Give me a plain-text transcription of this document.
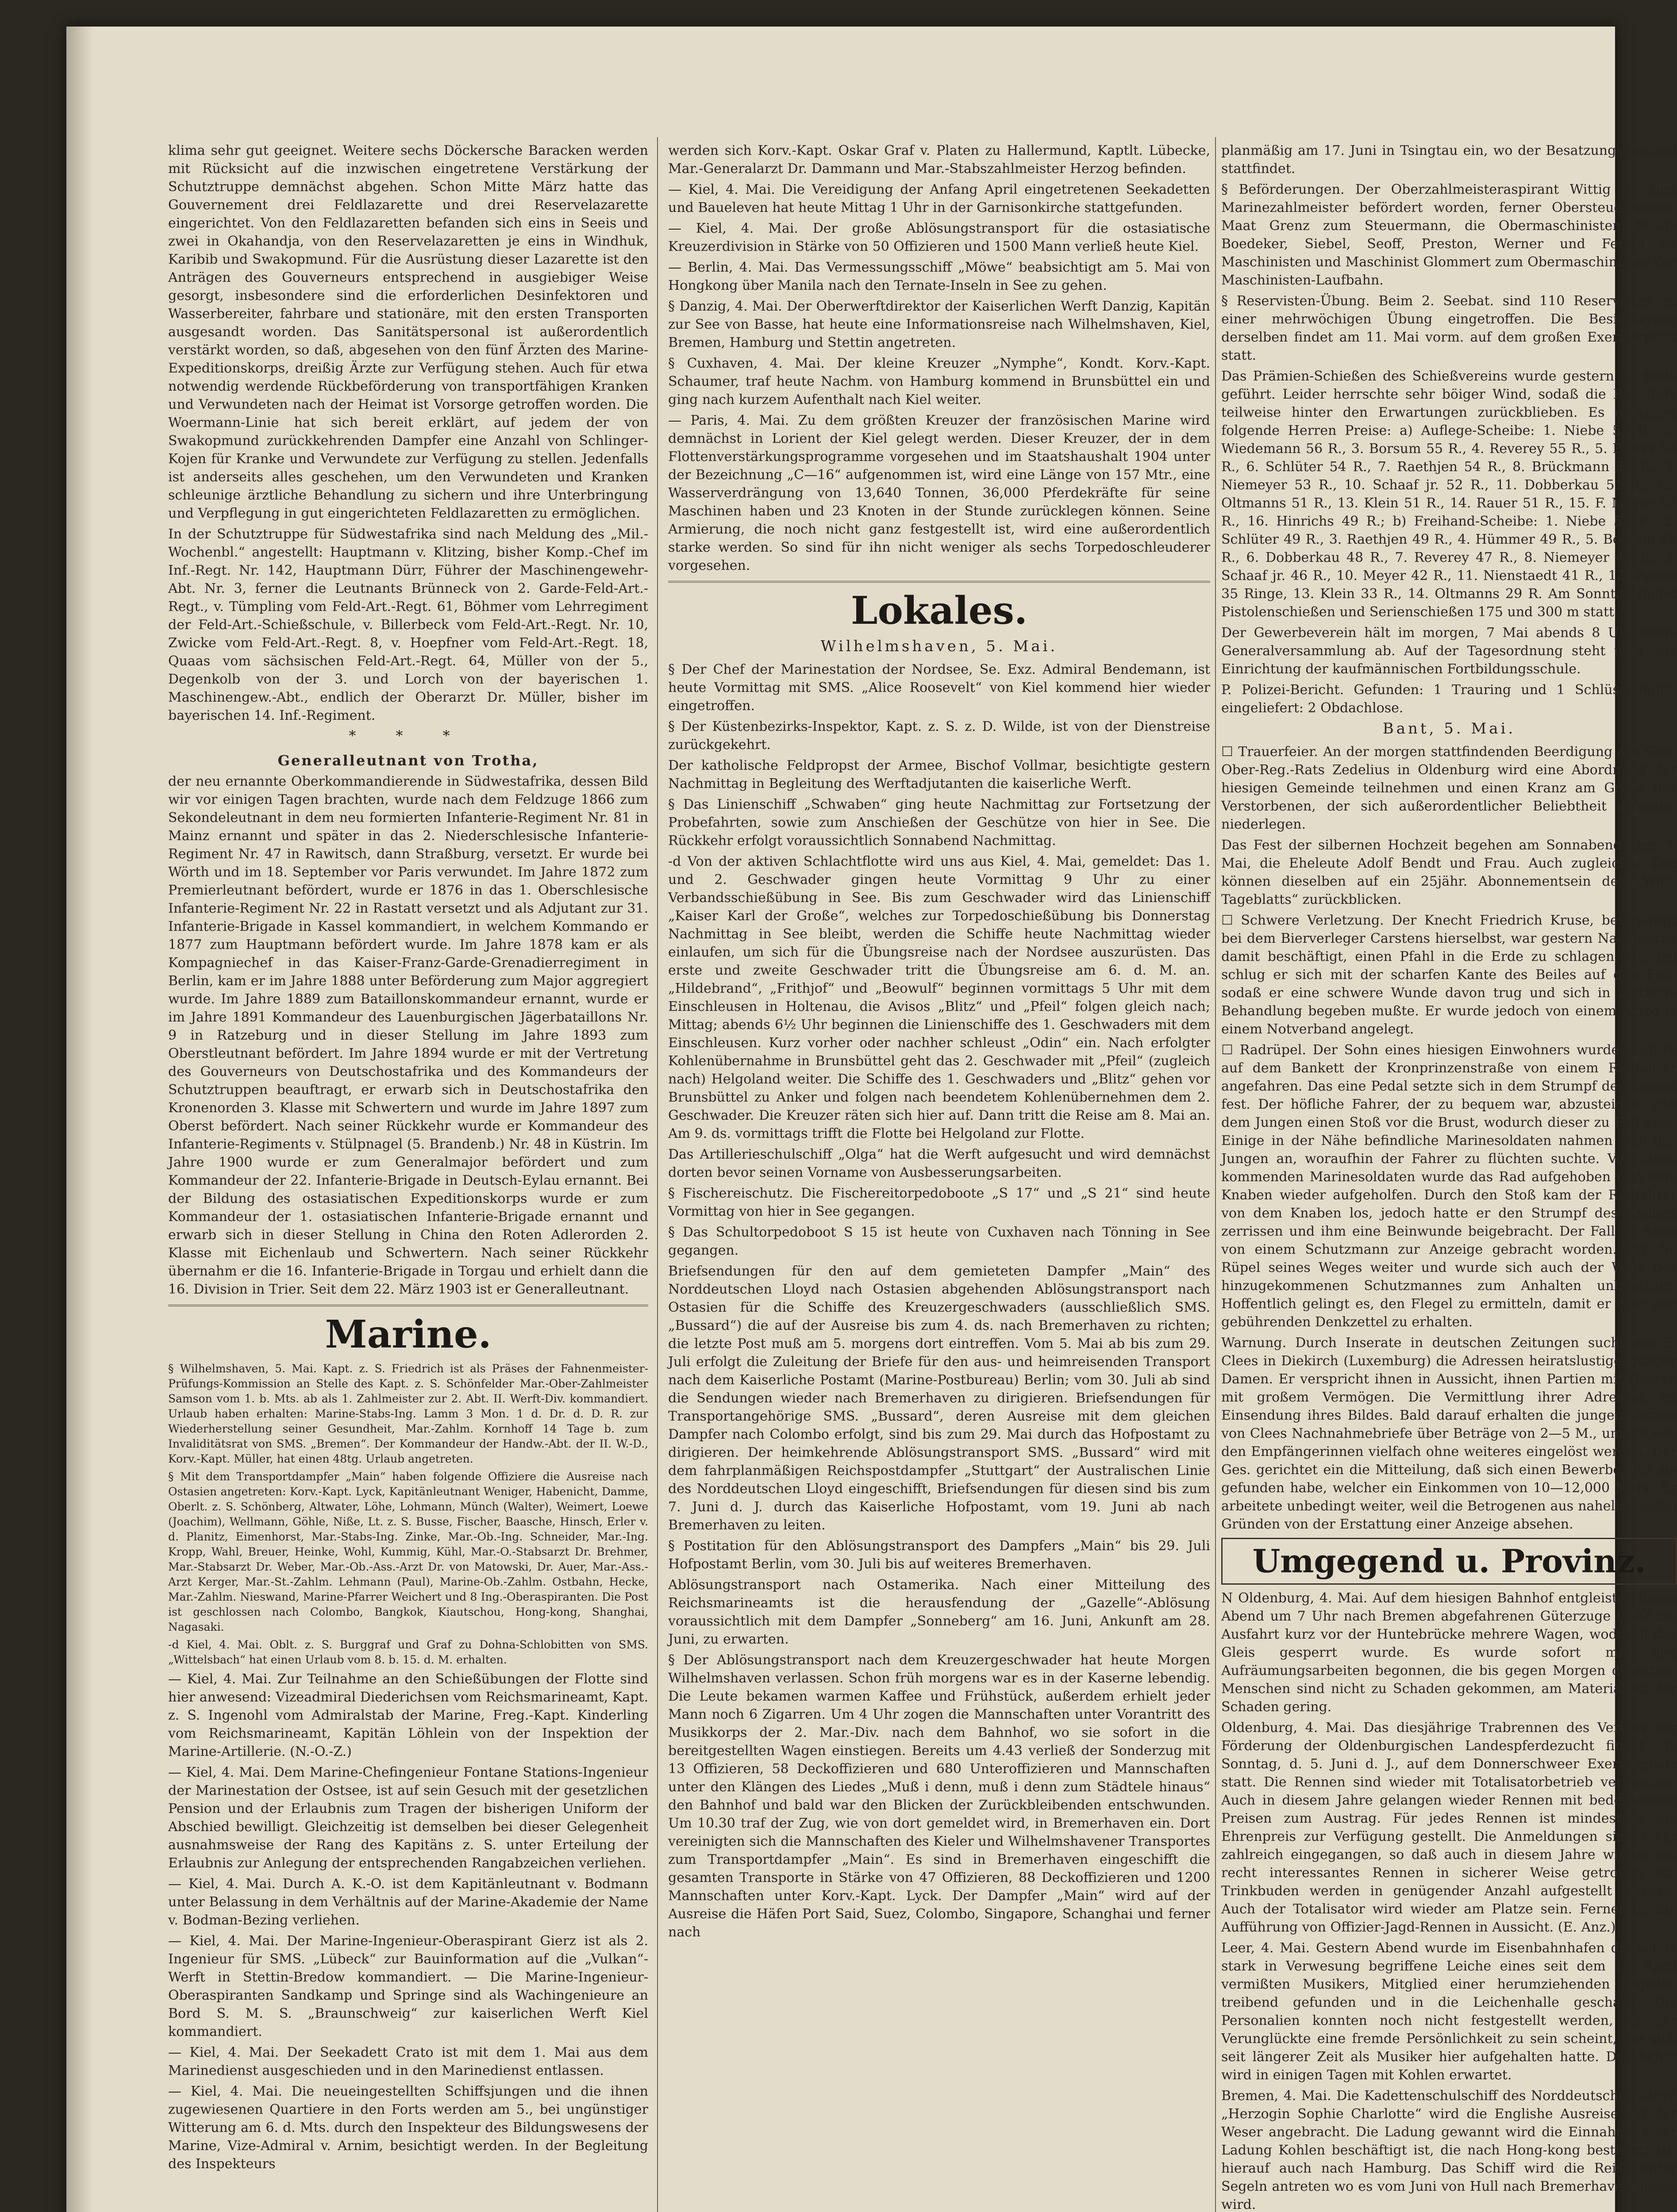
klima sehr gut geeignet. Weitere sechs Döckersche Baracken werden mit Rücksicht auf die inzwischen eingetretene Verstärkung der Schutztruppe demnächst abgehen. Schon Mitte März hatte das Gouvernement drei Feldlazarette und drei Reservelazarette eingerichtet. Von den Feldlazaretten befanden sich eins in Seeis und zwei in Okahandja, von den Reservelazaretten je eins in Windhuk, Karibib und Swakopmund. Für die Ausrüstung dieser Lazarette ist den Anträgen des Gouverneurs entsprechend in ausgiebiger Weise gesorgt, insbesondere sind die erforderlichen Desinfektoren und Wasserbereiter, fahrbare und stationäre, mit den ersten Transporten ausgesandt worden. Das Sanitätspersonal ist außerordentlich verstärkt worden, so daß, abgesehen von den fünf Ärzten des Marine-Expeditionskorps, dreißig Ärzte zur Verfügung stehen. Auch für etwa notwendig werdende Rückbeförderung von transportfähigen Kranken und Verwundeten nach der Heimat ist Vorsorge getroffen worden. Die Woermann-Linie hat sich bereit erklärt, auf jedem der von Swakopmund zurückkehrenden Dampfer eine Anzahl von Schlinger-Kojen für Kranke und Verwundete zur Verfügung zu stellen. Jedenfalls ist anderseits alles geschehen, um den Verwundeten und Kranken schleunige ärztliche Behandlung zu sichern und ihre Unterbringung und Verpflegung in gut eingerichteten Feldlazaretten zu ermöglichen.

In der Schutztruppe für Südwestafrika sind nach Meldung des „Mil.-Wochenbl.“ angestellt: Hauptmann v. Klitzing, bisher Komp.-Chef im Inf.-Regt. Nr. 142, Hauptmann Dürr, Führer der Maschinengewehr-Abt. Nr. 3, ferner die Leutnants Brünneck von 2. Garde-Feld-Art.-Regt., v. Tümpling vom Feld-Art.-Regt. 61, Böhmer vom Lehrregiment der Feld-Art.-Schießschule, v. Billerbeck vom Feld-Art.-Regt. Nr. 10, Zwicke vom Feld-Art.-Regt. 8, v. Hoepfner vom Feld-Art.-Regt. 18, Quaas vom sächsischen Feld-Art.-Regt. 64, Müller von der 5., Degenkolb von der 3. und Lorch von der bayerischen 1. Maschinengew.-Abt., endlich der Oberarzt Dr. Müller, bisher im bayerischen 14. Inf.-Regiment.

* * *
Generalleutnant von Trotha,

der neu ernannte Oberkommandierende in Südwestafrika, dessen Bild wir vor einigen Tagen brachten, wurde nach dem Feldzuge 1866 zum Sekondeleutnant in dem neu formierten Infanterie-Regiment Nr. 81 in Mainz ernannt und später in das 2. Niederschlesische Infanterie-Regiment Nr. 47 in Rawitsch, dann Straßburg, versetzt. Er wurde bei Wörth und im 18. September vor Paris verwundet. Im Jahre 1872 zum Premierleutnant befördert, wurde er 1876 in das 1. Oberschlesische Infanterie-Regiment Nr. 22 in Rastatt versetzt und als Adjutant zur 31. Infanterie-Brigade in Kassel kommandiert, in welchem Kommando er 1877 zum Hauptmann befördert wurde. Im Jahre 1878 kam er als Kompagniechef in das Kaiser-Franz-Garde-Grenadierregiment in Berlin, kam er im Jahre 1888 unter Beförderung zum Major aggregiert wurde. Im Jahre 1889 zum Bataillonskommandeur ernannt, wurde er im Jahre 1891 Kommandeur des Lauenburgischen Jägerbataillons Nr. 9 in Ratzeburg und in dieser Stellung im Jahre 1893 zum Oberstleutnant befördert. Im Jahre 1894 wurde er mit der Vertretung des Gouverneurs von Deutschostafrika und des Kommandeurs der Schutztruppen beauftragt, er erwarb sich in Deutschostafrika den Kronenorden 3. Klasse mit Schwertern und wurde im Jahre 1897 zum Oberst befördert. Nach seiner Rückkehr wurde er Kommandeur des Infanterie-Regiments v. Stülpnagel (5. Brandenb.) Nr. 48 in Küstrin. Im Jahre 1900 wurde er zum Generalmajor befördert und zum Kommandeur der 22. Infanterie-Brigade in Deutsch-Eylau ernannt. Bei der Bildung des ostasiatischen Expeditionskorps wurde er zum Kommandeur der 1. ostasiatischen Infanterie-Brigade ernannt und erwarb sich in dieser Stellung in China den Roten Adlerorden 2. Klasse mit Eichenlaub und Schwertern. Nach seiner Rückkehr übernahm er die 16. Infanterie-Brigade in Torgau und erhielt dann die 16. Division in Trier. Seit dem 22. März 1903 ist er Generalleutnant.

Marine.

§ Wilhelmshaven, 5. Mai. Kapt. z. S. Friedrich ist als Präses der Fahnenmeister-Prüfungs-Kommission an Stelle des Kapt. z. S. Schönfelder Mar.-Ober-Zahlmeister Samson vom 1. b. Mts. ab als 1. Zahlmeister zur 2. Abt. II. Werft-Div. kommandiert. Urlaub haben erhalten: Marine-Stabs-Ing. Lamm 3 Mon. 1 d. Dr. d. D. R. zur Wiederherstellung seiner Gesundheit, Mar.-Zahlm. Kornhoff 14 Tage b. zum Invaliditätsrat von SMS. „Bremen“. Der Kommandeur der Handw.-Abt. der II. W.-D., Korv.-Kapt. Müller, hat einen 48tg. Urlaub angetreten.

§ Mit dem Transportdampfer „Main“ haben folgende Offiziere die Ausreise nach Ostasien angetreten: Korv.-Kapt. Lyck, Kapitänleutnant Weniger, Habenicht, Damme, Oberlt. z. S. Schönberg, Altwater, Löhe, Lohmann, Münch (Walter), Weimert, Loewe (Joachim), Wellmann, Göhle, Niße, Lt. z. S. Busse, Fischer, Baasche, Hinsch, Erler v. d. Planitz, Eimenhorst, Mar.-Stabs-Ing. Zinke, Mar.-Ob.-Ing. Schneider, Mar.-Ing. Kropp, Wahl, Breuer, Heinke, Wohl, Kummig, Kühl, Mar.-O.-Stabsarzt Dr. Brehmer, Mar.-Stabsarzt Dr. Weber, Mar.-Ob.-Ass.-Arzt Dr. von Matowski, Dr. Auer, Mar.-Ass.-Arzt Kerger, Mar.-St.-Zahlm. Lehmann (Paul), Marine-Ob.-Zahlm. Ostbahn, Hecke, Mar.-Zahlm. Nieswand, Marine-Pfarrer Weichert und 8 Ing.-Oberaspiranten. Die Post ist geschlossen nach Colombo, Bangkok, Kiautschou, Hong-kong, Shanghai, Nagasaki.

-d Kiel, 4. Mai. Oblt. z. S. Burggraf und Graf zu Dohna-Schlobitten von SMS. „Wittelsbach“ hat einen Urlaub vom 8. b. 15. d. M. erhalten.

— Kiel, 4. Mai. Zur Teilnahme an den Schießübungen der Flotte sind hier anwesend: Vizeadmiral Diederichsen vom Reichsmarineamt, Kapt. z. S. Ingenohl vom Admiralstab der Marine, Freg.-Kapt. Kinderling vom Reichsmarineamt, Kapitän Löhlein von der Inspektion der Marine-Artillerie. (N.-O.-Z.)

— Kiel, 4. Mai. Dem Marine-Chefingenieur Fontane Stations-Ingenieur der Marinestation der Ostsee, ist auf sein Gesuch mit der gesetzlichen Pension und der Erlaubnis zum Tragen der bisherigen Uniform der Abschied bewilligt. Gleichzeitig ist demselben bei dieser Gelegenheit ausnahmsweise der Rang des Kapitäns z. S. unter Erteilung der Erlaubnis zur Anlegung der entsprechenden Rangabzeichen verliehen.

— Kiel, 4. Mai. Durch A. K.-O. ist dem Kapitänleutnant v. Bodmann unter Belassung in dem Verhältnis auf der Marine-Akademie der Name v. Bodman-Bezing verliehen.

— Kiel, 4. Mai. Der Marine-Ingenieur-Oberaspirant Gierz ist als 2. Ingenieur für SMS. „Lübeck“ zur Bauinformation auf die „Vulkan“-Werft in Stettin-Bredow kommandiert. — Die Marine-Ingenieur-Oberaspiranten Sandkamp und Springe sind als Wachingenieure an Bord S. M. S. „Braunschweig“ zur kaiserlichen Werft Kiel kommandiert.

— Kiel, 4. Mai. Der Seekadett Crato ist mit dem 1. Mai aus dem Marinedienst ausgeschieden und in den Marinedienst entlassen.

— Kiel, 4. Mai. Die neueingestellten Schiffsjungen und die ihnen zugewiesenen Quartiere in den Forts werden am 5., bei ungünstiger Witterung am 6. d. Mts. durch den Inspekteur des Bildungswesens der Marine, Vize-Admiral v. Arnim, besichtigt werden. In der Begleitung des Inspekteurs

werden sich Korv.-Kapt. Oskar Graf v. Platen zu Hallermund, Kaptlt. Lübecke, Mar.-Generalarzt Dr. Dammann und Mar.-Stabszahlmeister Herzog befinden.

— Kiel, 4. Mai. Die Vereidigung der Anfang April eingetretenen Seekadetten und Baueleven hat heute Mittag 1 Uhr in der Garnisonkirche stattgefunden.

— Kiel, 4. Mai. Der große Ablösungstransport für die ostasiatische Kreuzerdivision in Stärke von 50 Offizieren und 1500 Mann verließ heute Kiel.

— Berlin, 4. Mai. Das Vermessungsschiff „Möwe“ beabsichtigt am 5. Mai von Hongkong über Manila nach den Ternate-Inseln in See zu gehen.

§ Danzig, 4. Mai. Der Oberwerftdirektor der Kaiserlichen Werft Danzig, Kapitän zur See von Basse, hat heute eine Informationsreise nach Wilhelmshaven, Kiel, Bremen, Hamburg und Stettin angetreten.

§ Cuxhaven, 4. Mai. Der kleine Kreuzer „Nymphe“, Kondt. Korv.-Kapt. Schaumer, traf heute Nachm. von Hamburg kommend in Brunsbüttel ein und ging nach kurzem Aufenthalt nach Kiel weiter.

— Paris, 4. Mai. Zu dem größten Kreuzer der französischen Marine wird demnächst in Lorient der Kiel gelegt werden. Dieser Kreuzer, der in dem Flottenverstärkungsprogramme vorgesehen und im Staatshaushalt 1904 unter der Bezeichnung „C—16“ aufgenommen ist, wird eine Länge von 157 Mtr., eine Wasserverdrängung von 13,640 Tonnen, 36,000 Pferdekräfte für seine Maschinen haben und 23 Knoten in der Stunde zurücklegen können. Seine Armierung, die noch nicht ganz festgestellt ist, wird eine außerordentlich starke werden. So sind für ihn nicht weniger als sechs Torpedoschleuderer vorgesehen.

Lokales.
Wilhelmshaven, 5. Mai.

§ Der Chef der Marinestation der Nordsee, Se. Exz. Admiral Bendemann, ist heute Vormittag mit SMS. „Alice Roosevelt“ von Kiel kommend hier wieder eingetroffen.

§ Der Küstenbezirks-Inspektor, Kapt. z. S. z. D. Wilde, ist von der Dienstreise zurückgekehrt.

Der katholische Feldpropst der Armee, Bischof Vollmar, besichtigte gestern Nachmittag in Begleitung des Werftadjutanten die kaiserliche Werft.

§ Das Linienschiff „Schwaben“ ging heute Nachmittag zur Fortsetzung der Probefahrten, sowie zum Anschießen der Geschütze von hier in See. Die Rückkehr erfolgt voraussichtlich Sonnabend Nachmittag.

-d Von der aktiven Schlachtflotte wird uns aus Kiel, 4. Mai, gemeldet: Das 1. und 2. Geschwader gingen heute Vormittag 9 Uhr zu einer Verbandsschießübung in See. Bis zum Geschwader wird das Linienschiff „Kaiser Karl der Große“, welches zur Torpedoschießübung bis Donnerstag Nachmittag in See bleibt, werden die Schiffe heute Nachmittag wieder einlaufen, um sich für die Übungsreise nach der Nordsee auszurüsten. Das erste und zweite Geschwader tritt die Übungsreise am 6. d. M. an. „Hildebrand“, „Frithjof“ und „Beowulf“ beginnen vormittags 5 Uhr mit dem Einschleusen in Holtenau, die Avisos „Blitz“ und „Pfeil“ folgen gleich nach; Mittag; abends 6½ Uhr beginnen die Linienschiffe des 1. Geschwaders mit dem Einschleusen. Kurz vorher oder nachher schleust „Odin“ ein. Nach erfolgter Kohlenübernahme in Brunsbüttel geht das 2. Geschwader mit „Pfeil“ (zugleich nach) Helgoland weiter. Die Schiffe des 1. Geschwaders und „Blitz“ gehen vor Brunsbüttel zu Anker und folgen nach beendetem Kohlenübernehmen dem 2. Geschwader. Die Kreuzer räten sich hier auf. Dann tritt die Reise am 8. Mai an. Am 9. ds. vormittags trifft die Flotte bei Helgoland zur Flotte.

Das Artillerieschulschiff „Olga“ hat die Werft aufgesucht und wird demnächst dorten bevor seinen Vorname von Ausbesserungsarbeiten.

§ Fischereischutz. Die Fischereitorpedoboote „S 17“ und „S 21“ sind heute Vormittag von hier in See gegangen.

§ Das Schultorpedoboot S 15 ist heute von Cuxhaven nach Tönning in See gegangen.

Briefsendungen für den auf dem gemieteten Dampfer „Main“ des Norddeutschen Lloyd nach Ostasien abgehenden Ablösungstransport nach Ostasien für die Schiffe des Kreuzergeschwaders (ausschließlich SMS. „Bussard“) die auf der Ausreise bis zum 4. ds. nach Bremerhaven zu richten; die letzte Post muß am 5. morgens dort eintreffen. Vom 5. Mai ab bis zum 29. Juli erfolgt die Zuleitung der Briefe für den aus- und heimreisenden Transport nach dem Kaiserliche Postamt (Marine-Postbureau) Berlin; vom 30. Juli ab sind die Sendungen wieder nach Bremerhaven zu dirigieren. Briefsendungen für Transportangehörige SMS. „Bussard“, deren Ausreise mit dem gleichen Dampfer nach Colombo erfolgt, sind bis zum 29. Mai durch das Hofpostamt zu dirigieren. Der heimkehrende Ablösungstransport SMS. „Bussard“ wird mit dem fahrplanmäßigen Reichspostdampfer „Stuttgart“ der Australischen Linie des Norddeutschen Lloyd eingeschifft, Briefsendungen für diesen sind bis zum 7. Juni d. J. durch das Kaiserliche Hofpostamt, vom 19. Juni ab nach Bremerhaven zu leiten.

§ Postitation für den Ablösungstransport des Dampfers „Main“ bis 29. Juli Hofpostamt Berlin, vom 30. Juli bis auf weiteres Bremerhaven.

Ablösungstransport nach Ostamerika. Nach einer Mitteilung des Reichsmarineamts ist die herausfendung der „Gazelle“-Ablösung voraussichtlich mit dem Dampfer „Sonneberg“ am 16. Juni, Ankunft am 28. Juni, zu erwarten.

§ Der Ablösungstransport nach dem Kreuzergeschwader hat heute Morgen Wilhelmshaven verlassen. Schon früh morgens war es in der Kaserne lebendig. Die Leute bekamen warmen Kaffee und Frühstück, außerdem erhielt jeder Mann noch 6 Zigarren. Um 4 Uhr zogen die Mannschaften unter Vorantritt des Musikkorps der 2. Mar.-Div. nach dem Bahnhof, wo sie sofort in die bereitgestellten Wagen einstiegen. Bereits um 4.43 verließ der Sonderzug mit 13 Offizieren, 58 Deckoffizieren und 680 Unteroffizieren und Mannschaften unter den Klängen des Liedes „Muß i denn, muß i denn zum Städtele hinaus“ den Bahnhof und bald war den Blicken der Zurückbleibenden entschwunden. Um 10.30 traf der Zug, wie von dort gemeldet wird, in Bremerhaven ein. Dort vereinigten sich die Mannschaften des Kieler und Wilhelmshavener Transportes zum Transportdampfer „Main“. Es sind in Bremerhaven eingeschifft die gesamten Transporte in Stärke von 47 Offizieren, 88 Deckoffizieren und 1200 Mannschaften unter Korv.-Kapt. Lyck. Der Dampfer „Main“ wird auf der Ausreise die Häfen Port Said, Suez, Colombo, Singapore, Schanghai und ferner nach

planmäßig am 17. Juni in Tsingtau ein, wo der Besatzungswechsel stattfindet.

§ Beförderungen. Der Oberzahlmeisteraspirant Wittig ist zum Marinezahlmeister befördert worden, ferner Obersteuermanns-Maat Grenz zum Steuermann, die Obermaschinisten Maate Boedeker, Siebel, Seoff, Preston, Werner und Ferlau zu Maschinisten und Maschinist Glommert zum Obermaschinisten der Maschinisten-Laufbahn.

§ Reservisten-Übung. Beim 2. Seebat. sind 110 Reservisten zu einer mehrwöchigen Übung eingetroffen. Die Besichtigung derselben findet am 11. Mai vorm. auf dem großen Exerzierplatz statt.

Das Prämien-Schießen des Schießvereins wurde gestern zu Ende geführt. Leider herrschte sehr böiger Wind, sodaß die Resultate teilweise hinter den Erwartungen zurückblieben. Es errangen folgende Herren Preise: a) Auflege-Scheibe: 1. Niebe 57 R., 2. Wiedemann 56 R., 3. Borsum 55 R., 4. Reverey 55 R., 5. Peters 54 R., 6. Schlüter 54 R., 7. Raethjen 54 R., 8. Brückmann 53 R., 9. Niemeyer 53 R., 10. Schaaf jr. 52 R., 11. Dobberkau 51 R., 12. Oltmanns 51 R., 13. Klein 51 R., 14. Rauer 51 R., 15. F. Meyer 50 R., 16. Hinrichs 49 R.; b) Freihand-Scheibe: 1. Niebe 52 R., 2. Schlüter 49 R., 3. Raethjen 49 R., 4. Hümmer 49 R., 5. Borsum 48 R., 6. Dobberkau 48 R., 7. Reverey 47 R., 8. Niemeyer 47 R., 9. Schaaf jr. 46 R., 10. Meyer 42 R., 11. Nienstaedt 41 R., 12. Peters 35 Ringe, 13. Klein 33 R., 14. Oltmanns 29 R. Am Sonntag findet Pistolenschießen und Serienschießen 175 und 300 m statt.

Der Gewerbeverein hält im morgen, 7 Mai abends 8 Uhr seine Generalversammlung ab. Auf der Tagesordnung steht u. a. die Einrichtung der kaufmännischen Fortbildungsschule.

P. Polizei-Bericht. Gefunden: 1 Trauring und 1 Schlüsselbund; eingeliefert: 2 Obdachlose.

Bant, 5. Mai.

☐ Trauerfeier. An der morgen stattfindenden Beerdigung des Geh. Ober-Reg.-Rats Zedelius in Oldenburg wird eine Abordnung der hiesigen Gemeinde teilnehmen und einen Kranz am Grabe des Verstorbenen, der sich außerordentlicher Beliebtheit erfreute, niederlegen.

Das Fest der silbernen Hochzeit begehen am Sonnabend, den 7. Mai, die Eheleute Adolf Bendt und Frau. Auch zugleicher Zeit können dieselben auf ein 25jähr. Abonnementsein des „Wilh. Tageblatts“ zurückblicken.

☐ Schwere Verletzung. Der Knecht Friedrich Kruse, beschäftigt bei dem Bierverleger Carstens hierselbst, war gestern Nachmittag damit beschäftigt, einen Pfahl in die Erde zu schlagen. Hierbei schlug er sich mit der scharfen Kante des Beiles auf den Fuß, sodaß er eine schwere Wunde davon trug und sich in ärztliche Behandlung begeben mußte. Er wurde jedoch von einem Arzte in einem Notverband angelegt.

☐ Radrüpel. Der Sohn eines hiesigen Einwohners wurde gestern auf dem Bankett der Kronprinzenstraße von einem Radfahrer angefahren. Das eine Pedal setzte sich in dem Strumpf des Jungen fest. Der höfliche Fahrer, der zu bequem war, abzusteigen, gab dem Jungen einen Stoß vor die Brust, wodurch dieser zu Fall kam. Einige in der Nähe befindliche Marinesoldaten nahmen sich des Jungen an, woraufhin der Fahrer zu flüchten suchte. Von hinzu kommenden Marinesoldaten wurde das Rad aufgehoben und dem Knaben wieder aufgeholfen. Durch den Stoß kam der Radfahrer von dem Knaben los, jedoch hatte er den Strumpf des Knaben zerrissen und ihm eine Beinwunde beigebracht. Der Fall ist dann von einem Schutzmann zur Anzeige gebracht worden. Bis die Rüpel seines Weges weiter und wurde sich auch der Wink des hinzugekommenen Schutzmannes zum Anhalten unbeachtet. Hoffentlich gelingt es, den Flegel zu ermitteln, damit er dem ihm gebührenden Denkzettel zu erhalten.

Warnung. Durch Inserate in deutschen Zeitungen sucht ein E. Clees in Diekirch (Luxemburg) die Adressen heiratslustiger junger Damen. Er verspricht ihnen in Aussicht, ihnen Partien mit Herren mit großem Vermögen. Die Vermittlung ihrer Adressen im Einsendung ihres Bildes. Bald darauf erhalten die jungen Damen von Clees Nachnahmebriefe über Beträge von 2—5 M., um die von den Empfängerinnen vielfach ohne weiteres eingelöst werden. Der Ges. gerichtet ein die Mitteilung, daß sich einen Bewerber für sie gefunden habe, welcher ein Einkommen von 10—12,000 Mark. Er arbeitete unbedingt weiter, weil die Betrogenen aus naheliegenden Gründen von der Erstattung einer Anzeige absehen.

Umgegend u. Provinz.

N Oldenburg, 4. Mai. Auf dem hiesigen Bahnhof entgleisten heute Abend um 7 Uhr nach Bremen abgefahrenen Güterzuge 6307 bei Ausfahrt kurz vor der Huntebrücke mehrere Wagen, wodurch das Gleis gesperrt wurde. Es wurde sofort mit den Aufräumungsarbeiten begonnen, die bis gegen Morgen dauerten. Menschen sind nicht zu Schaden gekommen, am Material ist der Schaden gering.

Oldenburg, 4. Mai. Das diesjährige Trabrennen des Vereins zur Förderung der Oldenburgischen Landespferdezucht findet am Sonntag, d. 5. Juni d. J., auf dem Donnerschweer Exerzierplatz statt. Die Rennen sind wieder mit Totalisatorbetrieb verbunden. Auch in diesem Jahre gelangen wieder Rennen mit bedeutenden Preisen zum Austrag. Für jedes Rennen ist mindestens ein Ehrenpreis zur Verfügung gestellt. Die Anmeldungen sind recht zahlreich eingegangen, so daß auch in diesem Jahre wieder ein recht interessantes Rennen in sicherer Weise getroffen ist. Trinkbuden werden in genügender Anzahl aufgestellt werden. Auch der Totalisator wird wieder am Platze sein. Ferner ist die Aufführung von Offizier-Jagd-Rennen in Aussicht. (E. Anz.)

Leer, 4. Mai. Gestern Abend wurde im Eisenbahnhafen die schon stark in Verwesung begriffene Leiche eines seit dem 13. April vermißten Musikers, Mitglied einer herumziehenden Kapelle, treibend gefunden und in die Leichenhalle geschafft. Die Personalien konnten noch nicht festgestellt werden, da der Verunglückte eine fremde Persönlichkeit zu sein scheint, die sich seit längerer Zeit als Musiker hier aufgehalten hatte. Das Schiff wird in einigen Tagen mit Kohlen erwartet.

Bremen, 4. Mai. Die Kadettenschulschiff des Norddeutschen Lloyd „Herzogin Sophie Charlotte“ wird die Englishe Ausreise auf der Weser angebracht. Die Ladung gewannt wird die Einnahme einer Ladung Kohlen beschäftigt ist, die nach Hong-kong bestimmt ist, hierauf auch nach Hamburg. Das Schiff wird die Reise unter Segeln antreten wo es vom Juni von Hull nach Bremerhaven gehen wird.
